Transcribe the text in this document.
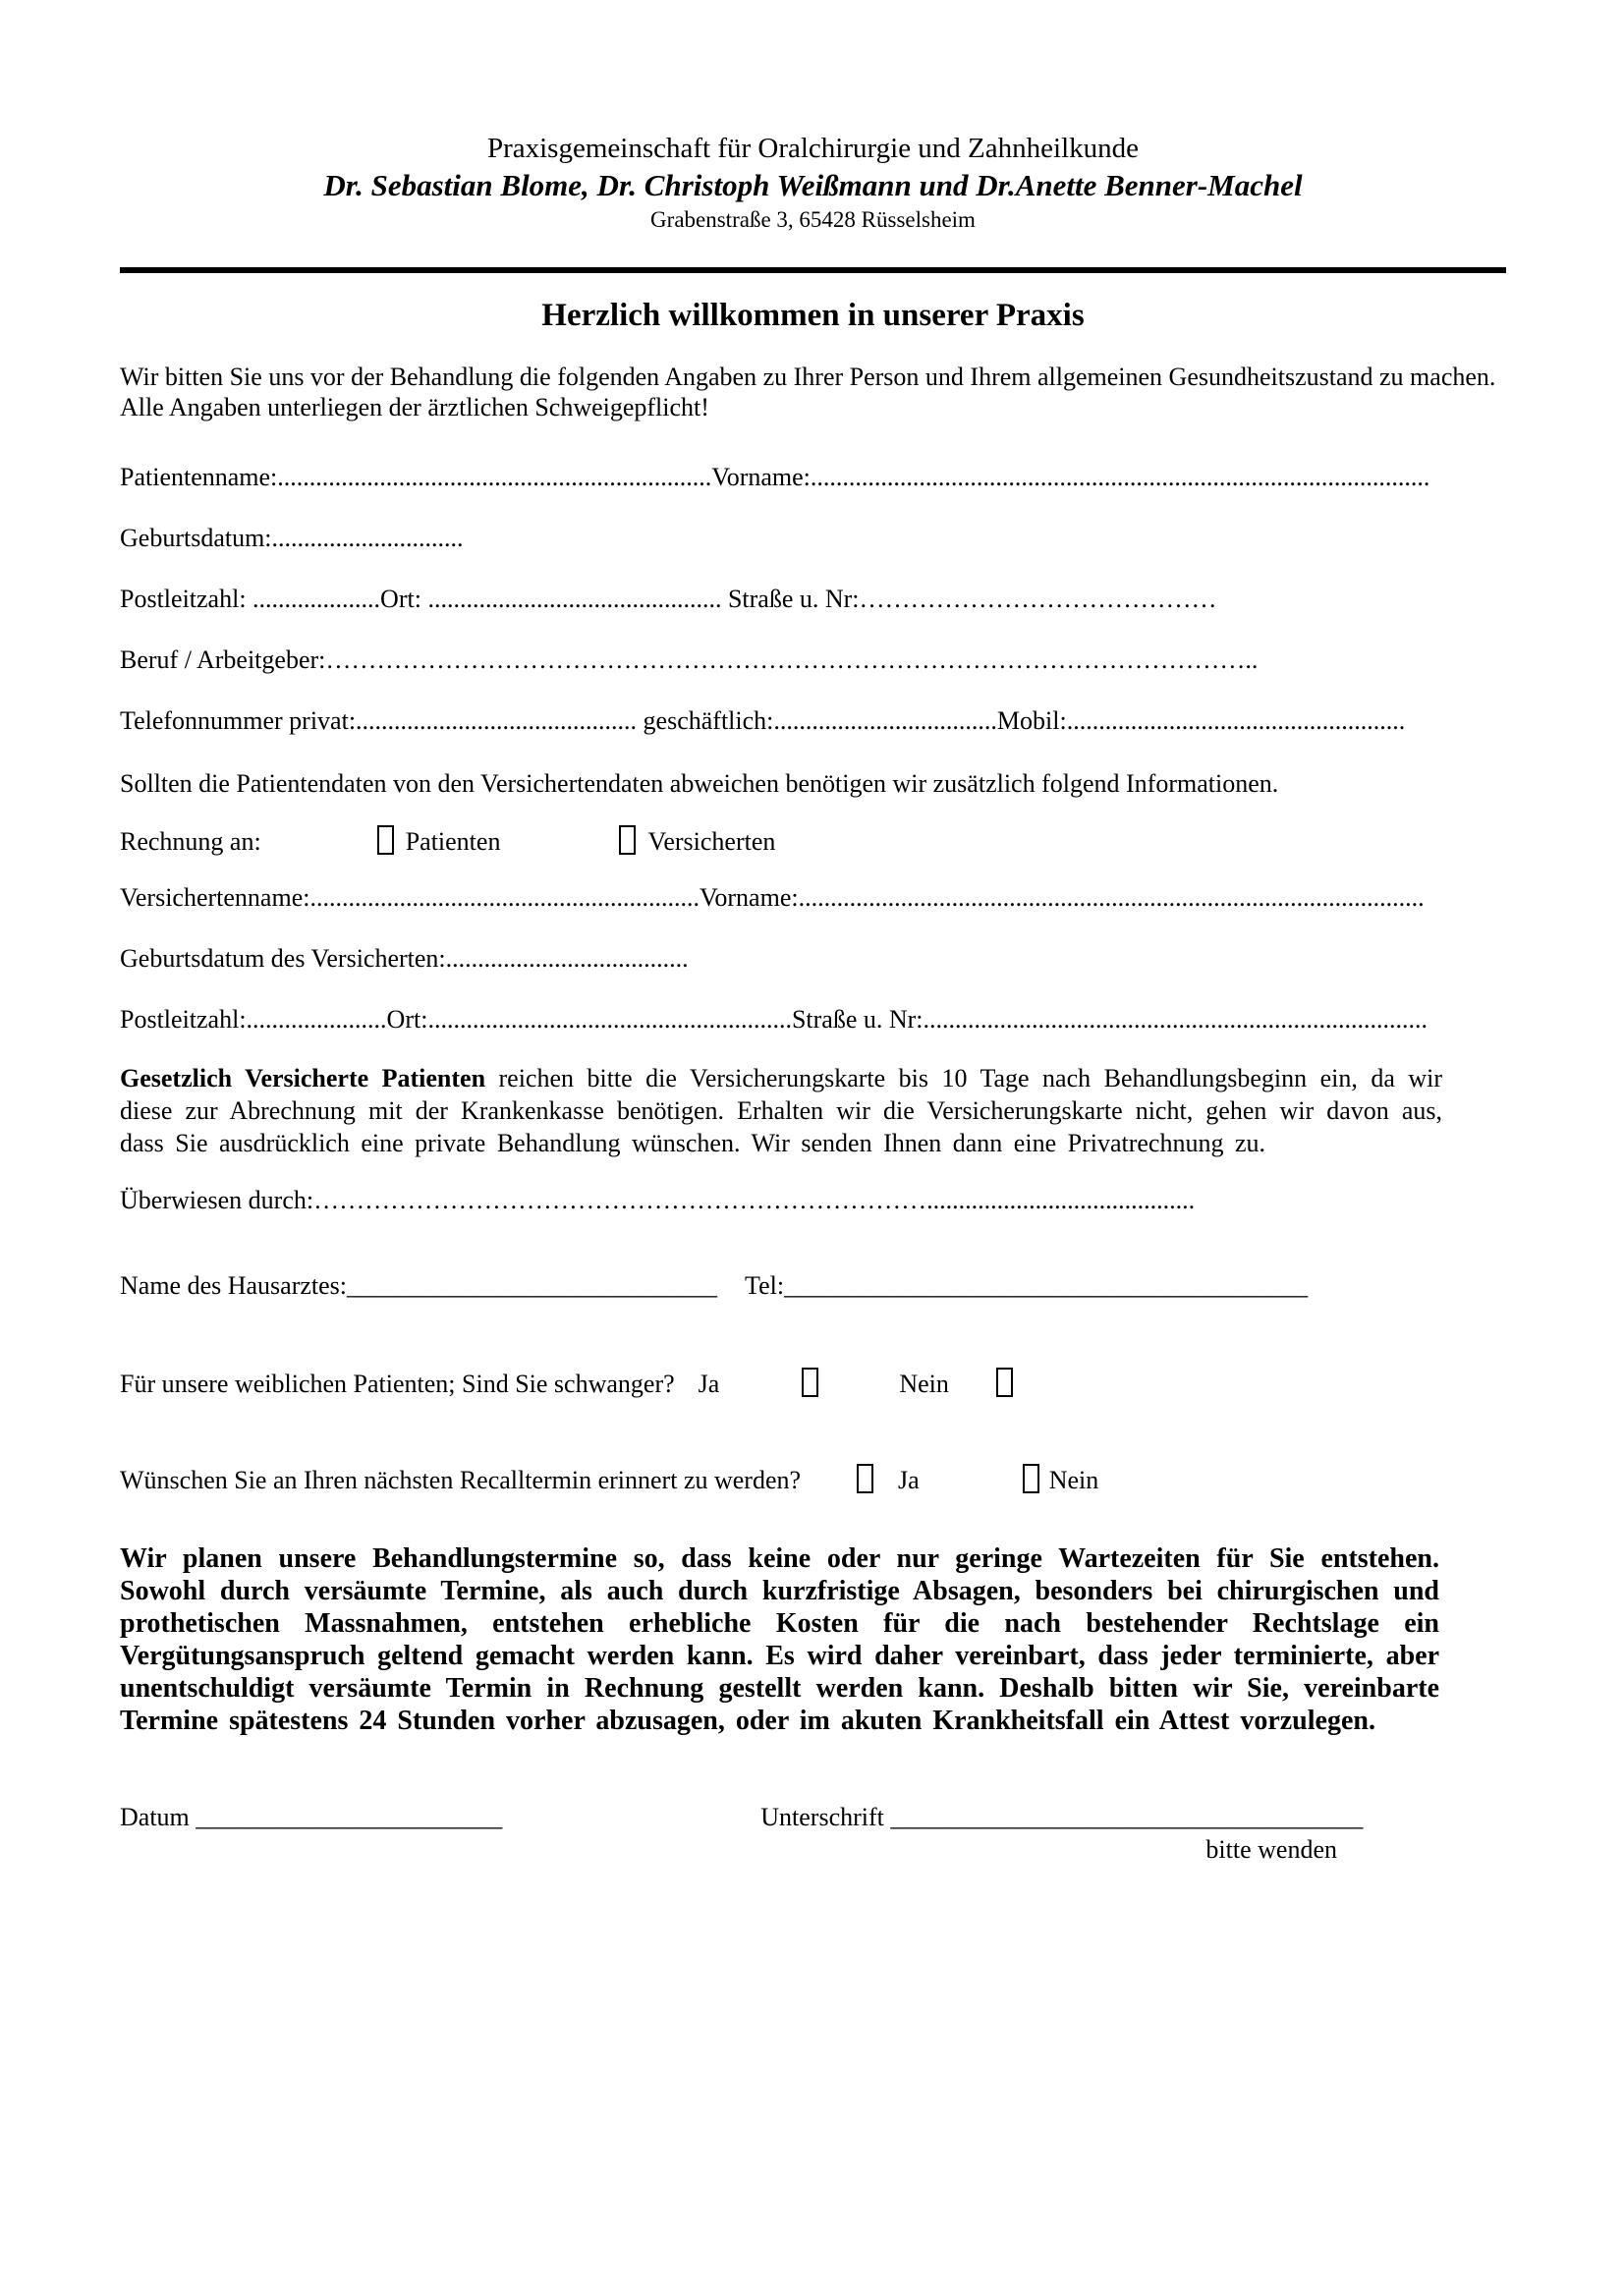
Praxisgemeinschaft für Oralchirurgie und Zahnheilkunde
Dr. Sebastian Blome, Dr. Christoph Weißmann und Dr.Anette Benner-Machel
Grabenstraße 3, 65428 Rüsselsheim
Herzlich willkommen in unserer Praxis

Wir bitten Sie uns vor der Behandlung die folgenden Angaben zu Ihrer Person und Ihrem allgemeinen Gesundheitszustand zu machen. Alle Angaben unterliegen der ärztlichen Schweigepflicht!

Patientenname:....................................................................Vorname:.................................................................................................
Geburtsdatum:..............................
Postleitzahl: ....................Ort: .............................................. Straße u. Nr:……………………………………
Beruf / Arbeitgeber:………………………………………………………………………………………………..
Telefonnummer privat:............................................ geschäftlich:...................................Mobil:.....................................................

Sollten die Patientendaten von den Versichertendaten abweichen benötigen wir zusätzlich folgend Informationen.

Rechnung an:	Patienten	Versicherten
Versichertenname:.............................................................Vorname:..................................................................................................
Geburtsdatum des Versicherten:......................................
Postleitzahl:......................Ort:.........................................................Straße u. Nr:...............................................................................

Gesetzlich Versicherte Patienten reichen bitte die Versicherungskarte bis 10 Tage nach Behandlungsbeginn ein, da wir diese zur Abrechnung mit der Krankenkasse benötigen. Erhalten wir die Versicherungskarte nicht, gehen wir davon aus, dass Sie ausdrücklich eine private Behandlung wünschen. Wir senden Ihnen dann eine Privatrechnung zu.

Überwiesen durch:………………………………………………………………..........................................
Name des Hausarztes:_____________________________ Tel:_________________________________________
Für unsere weiblichen Patienten; Sind Sie schwanger? Ja	Nein
Wünschen Sie an Ihren nächsten Recalltermin erinnert zu werden?	Ja	Nein

Wir planen unsere Behandlungstermine so, dass keine oder nur geringe Wartezeiten für Sie entstehen. Sowohl durch versäumte Termine, als auch durch kurzfristige Absagen, besonders bei chirurgischen und prothetischen Massnahmen, entstehen erhebliche Kosten für die nach bestehender Rechtslage ein Vergütungsanspruch geltend gemacht werden kann. Es wird daher vereinbart, dass jeder terminierte, aber unentschuldigt versäumte Termin in Rechnung gestellt werden kann. Deshalb bitten wir Sie, vereinbarte Termine spätestens 24 Stunden vorher abzusagen, oder im akuten Krankheitsfall ein Attest vorzulegen.

Datum ________________________	Unterschrift _____________________________________
bitte wenden
